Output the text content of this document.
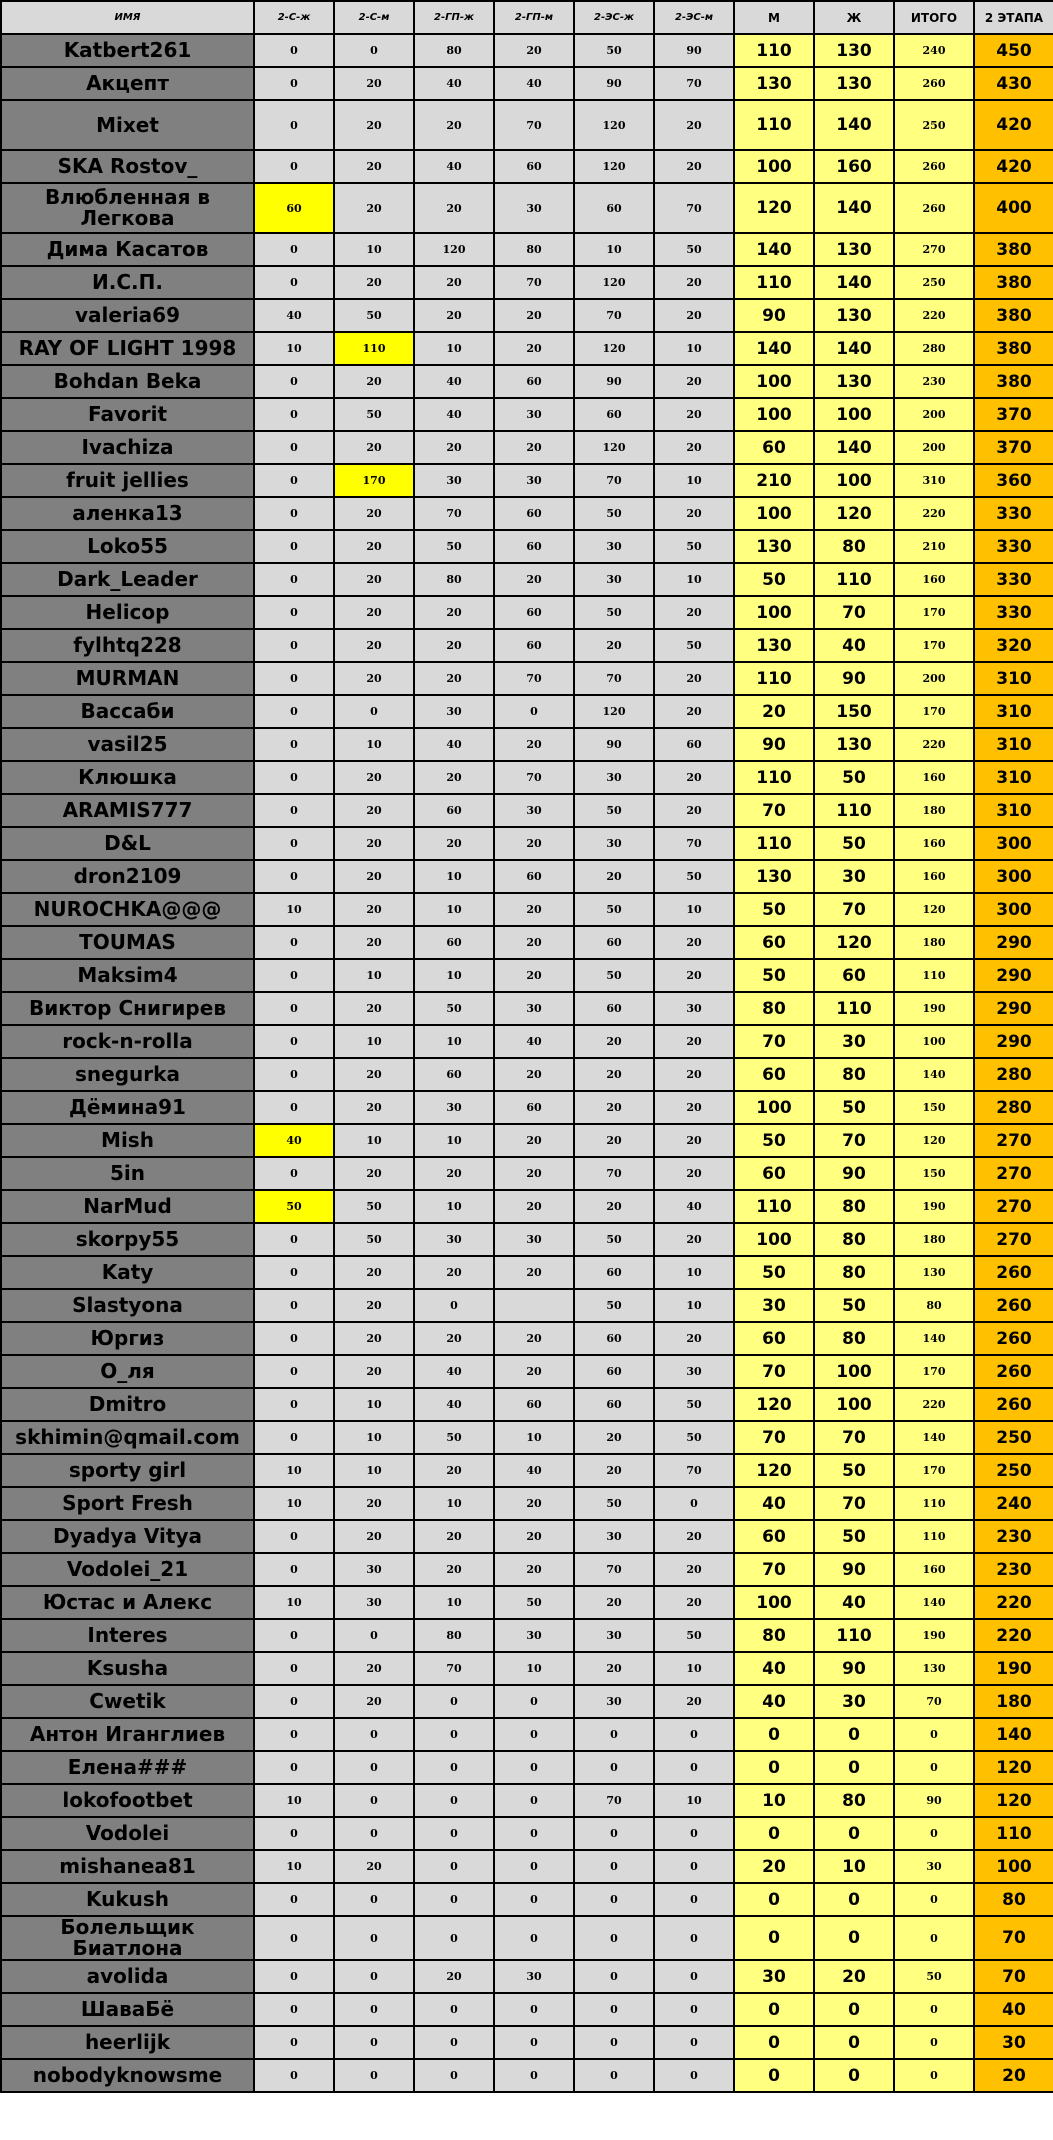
ИМЯ	2-С-ж	2-С-м	2-ГП-ж	2-ГП-м	2-ЭС-ж	2-ЭС-м	М	Ж	ИТОГО	2 ЭТАПА
Katbert261	0	0	80	20	50	90	110	130	240	450
Акцепт	0	20	40	40	90	70	130	130	260	430
Mixet	0	20	20	70	120	20	110	140	250	420
SKA Rostov_	0	20	40	60	120	20	100	160	260	420
Влюбленная в Легкова	60	20	20	30	60	70	120	140	260	400
Дима Касатов	0	10	120	80	10	50	140	130	270	380
И.С.П.	0	20	20	70	120	20	110	140	250	380
valeria69	40	50	20	20	70	20	90	130	220	380
RAY OF LIGHT 1998	10	110	10	20	120	10	140	140	280	380
Bohdan Beka	0	20	40	60	90	20	100	130	230	380
Favorit	0	50	40	30	60	20	100	100	200	370
Ivachiza	0	20	20	20	120	20	60	140	200	370
fruit jellies	0	170	30	30	70	10	210	100	310	360
аленка13	0	20	70	60	50	20	100	120	220	330
Loko55	0	20	50	60	30	50	130	80	210	330
Dark_Leader	0	20	80	20	30	10	50	110	160	330
Helicop	0	20	20	60	50	20	100	70	170	330
fylhtq228	0	20	20	60	20	50	130	40	170	320
MURMAN	0	20	20	70	70	20	110	90	200	310
Вассаби	0	0	30	0	120	20	20	150	170	310
vasil25	0	10	40	20	90	60	90	130	220	310
Клюшка	0	20	20	70	30	20	110	50	160	310
ARAMIS777	0	20	60	30	50	20	70	110	180	310
D&L	0	20	20	20	30	70	110	50	160	300
dron2109	0	20	10	60	20	50	130	30	160	300
NUROCHKA@@@	10	20	10	20	50	10	50	70	120	300
TOUMAS	0	20	60	20	60	20	60	120	180	290
Maksim4	0	10	10	20	50	20	50	60	110	290
Виктор Снигирев	0	20	50	30	60	30	80	110	190	290
rock-n-rolla	0	10	10	40	20	20	70	30	100	290
snegurka	0	20	60	20	20	20	60	80	140	280
Дёмина91	0	20	30	60	20	20	100	50	150	280
Mish	40	10	10	20	20	20	50	70	120	270
5in	0	20	20	20	70	20	60	90	150	270
NarMud	50	50	10	20	20	40	110	80	190	270
skorpy55	0	50	30	30	50	20	100	80	180	270
Katy	0	20	20	20	60	10	50	80	130	260
Slastyona	0	20	0		50	10	30	50	80	260
Юргиз	0	20	20	20	60	20	60	80	140	260
О_ля	0	20	40	20	60	30	70	100	170	260
Dmitro	0	10	40	60	60	50	120	100	220	260
skhimin@qmail.com	0	10	50	10	20	50	70	70	140	250
sporty girl	10	10	20	40	20	70	120	50	170	250
Sport Fresh	10	20	10	20	50	0	40	70	110	240
Dyadya Vitya	0	20	20	20	30	20	60	50	110	230
Vodolei_21	0	30	20	20	70	20	70	90	160	230
Юстас и Алекс	10	30	10	50	20	20	100	40	140	220
Interes	0	0	80	30	30	50	80	110	190	220
Ksusha	0	20	70	10	20	10	40	90	130	190
Cwetik	0	20	0	0	30	20	40	30	70	180
Антон Иганглиев	0	0	0	0	0	0	0	0	0	140
Елена###	0	0	0	0	0	0	0	0	0	120
lokofootbet	10	0	0	0	70	10	10	80	90	120
Vodolei	0	0	0	0	0	0	0	0	0	110
mishanea81	10	20	0	0	0	0	20	10	30	100
Kukush	0	0	0	0	0	0	0	0	0	80
Болельщик Биатлона	0	0	0	0	0	0	0	0	0	70
avolida	0	0	20	30	0	0	30	20	50	70
ШаваБё	0	0	0	0	0	0	0	0	0	40
heerlijk	0	0	0	0	0	0	0	0	0	30
nobodyknowsme	0	0	0	0	0	0	0	0	0	20
